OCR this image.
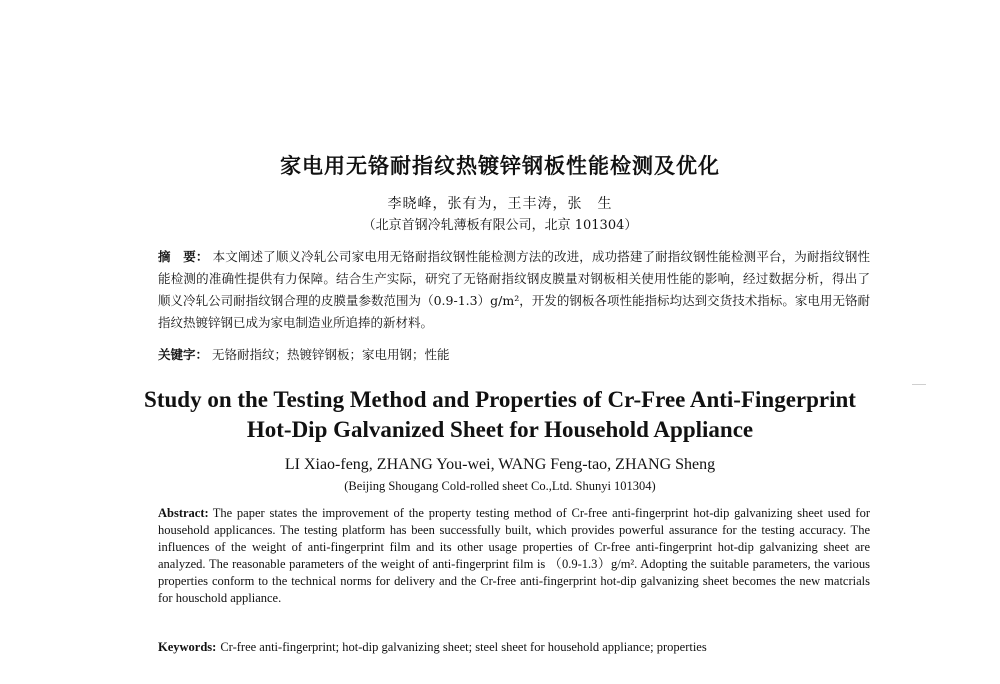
家电用无铬耐指纹热镀锌钢板性能检测及优化
李晓峰，张有为，王丰涛，张　生
（北京首钢冷轧薄板有限公司，北京 101304）
摘　要： 本文阐述了顺义冷轧公司家电用无铬耐指纹钢性能检测方法的改进，成功搭建了耐指纹钢性能检测平台，为耐指纹钢性能检测的准确性提供有力保障。结合生产实际，研究了无铬耐指纹钢皮膜量对钢板相关使用性能的影响，经过数据分析，得出了顺义冷轧公司耐指纹钢合理的皮膜量参数范围为（0.9-1.3）g/m²，开发的钢板各项性能指标均达到交货技术指标。家电用无铬耐指纹热镀锌钢已成为家电制造业所追捧的新材料。
关键字： 无铬耐指纹；热镀锌钢板；家电用钢；性能
Study on the Testing Method and Properties of Cr-Free Anti-Fingerprint
Hot-Dip Galvanized Sheet for Household Appliance
LI Xiao-feng, ZHANG You-wei, WANG Feng-tao, ZHANG Sheng
(Beijing Shougang Cold-rolled sheet Co.,Ltd. Shunyi 101304)
Abstract: The paper states the improvement of the property testing method of Cr-free anti-fingerprint hot-dip galvanizing sheet used for household applicances. The testing platform has been successfully built, which provides powerful assurance for the testing accuracy. The influences of the weight of anti-fingerprint film and its other usage properties of Cr-free anti-fingerprint hot-dip galvanizing sheet are analyzed. The reasonable parameters of the weight of anti-fingerprint film is （0.9-1.3）g/m². Adopting the suitable parameters, the various properties conform to the technical norms for delivery and the Cr-free anti-fingerprint hot-dip galvanizing sheet becomes the new matcrials for houschold appliance.
Keywords: Cr-free anti-fingerprint; hot-dip galvanizing sheet; steel sheet for household appliance; properties
